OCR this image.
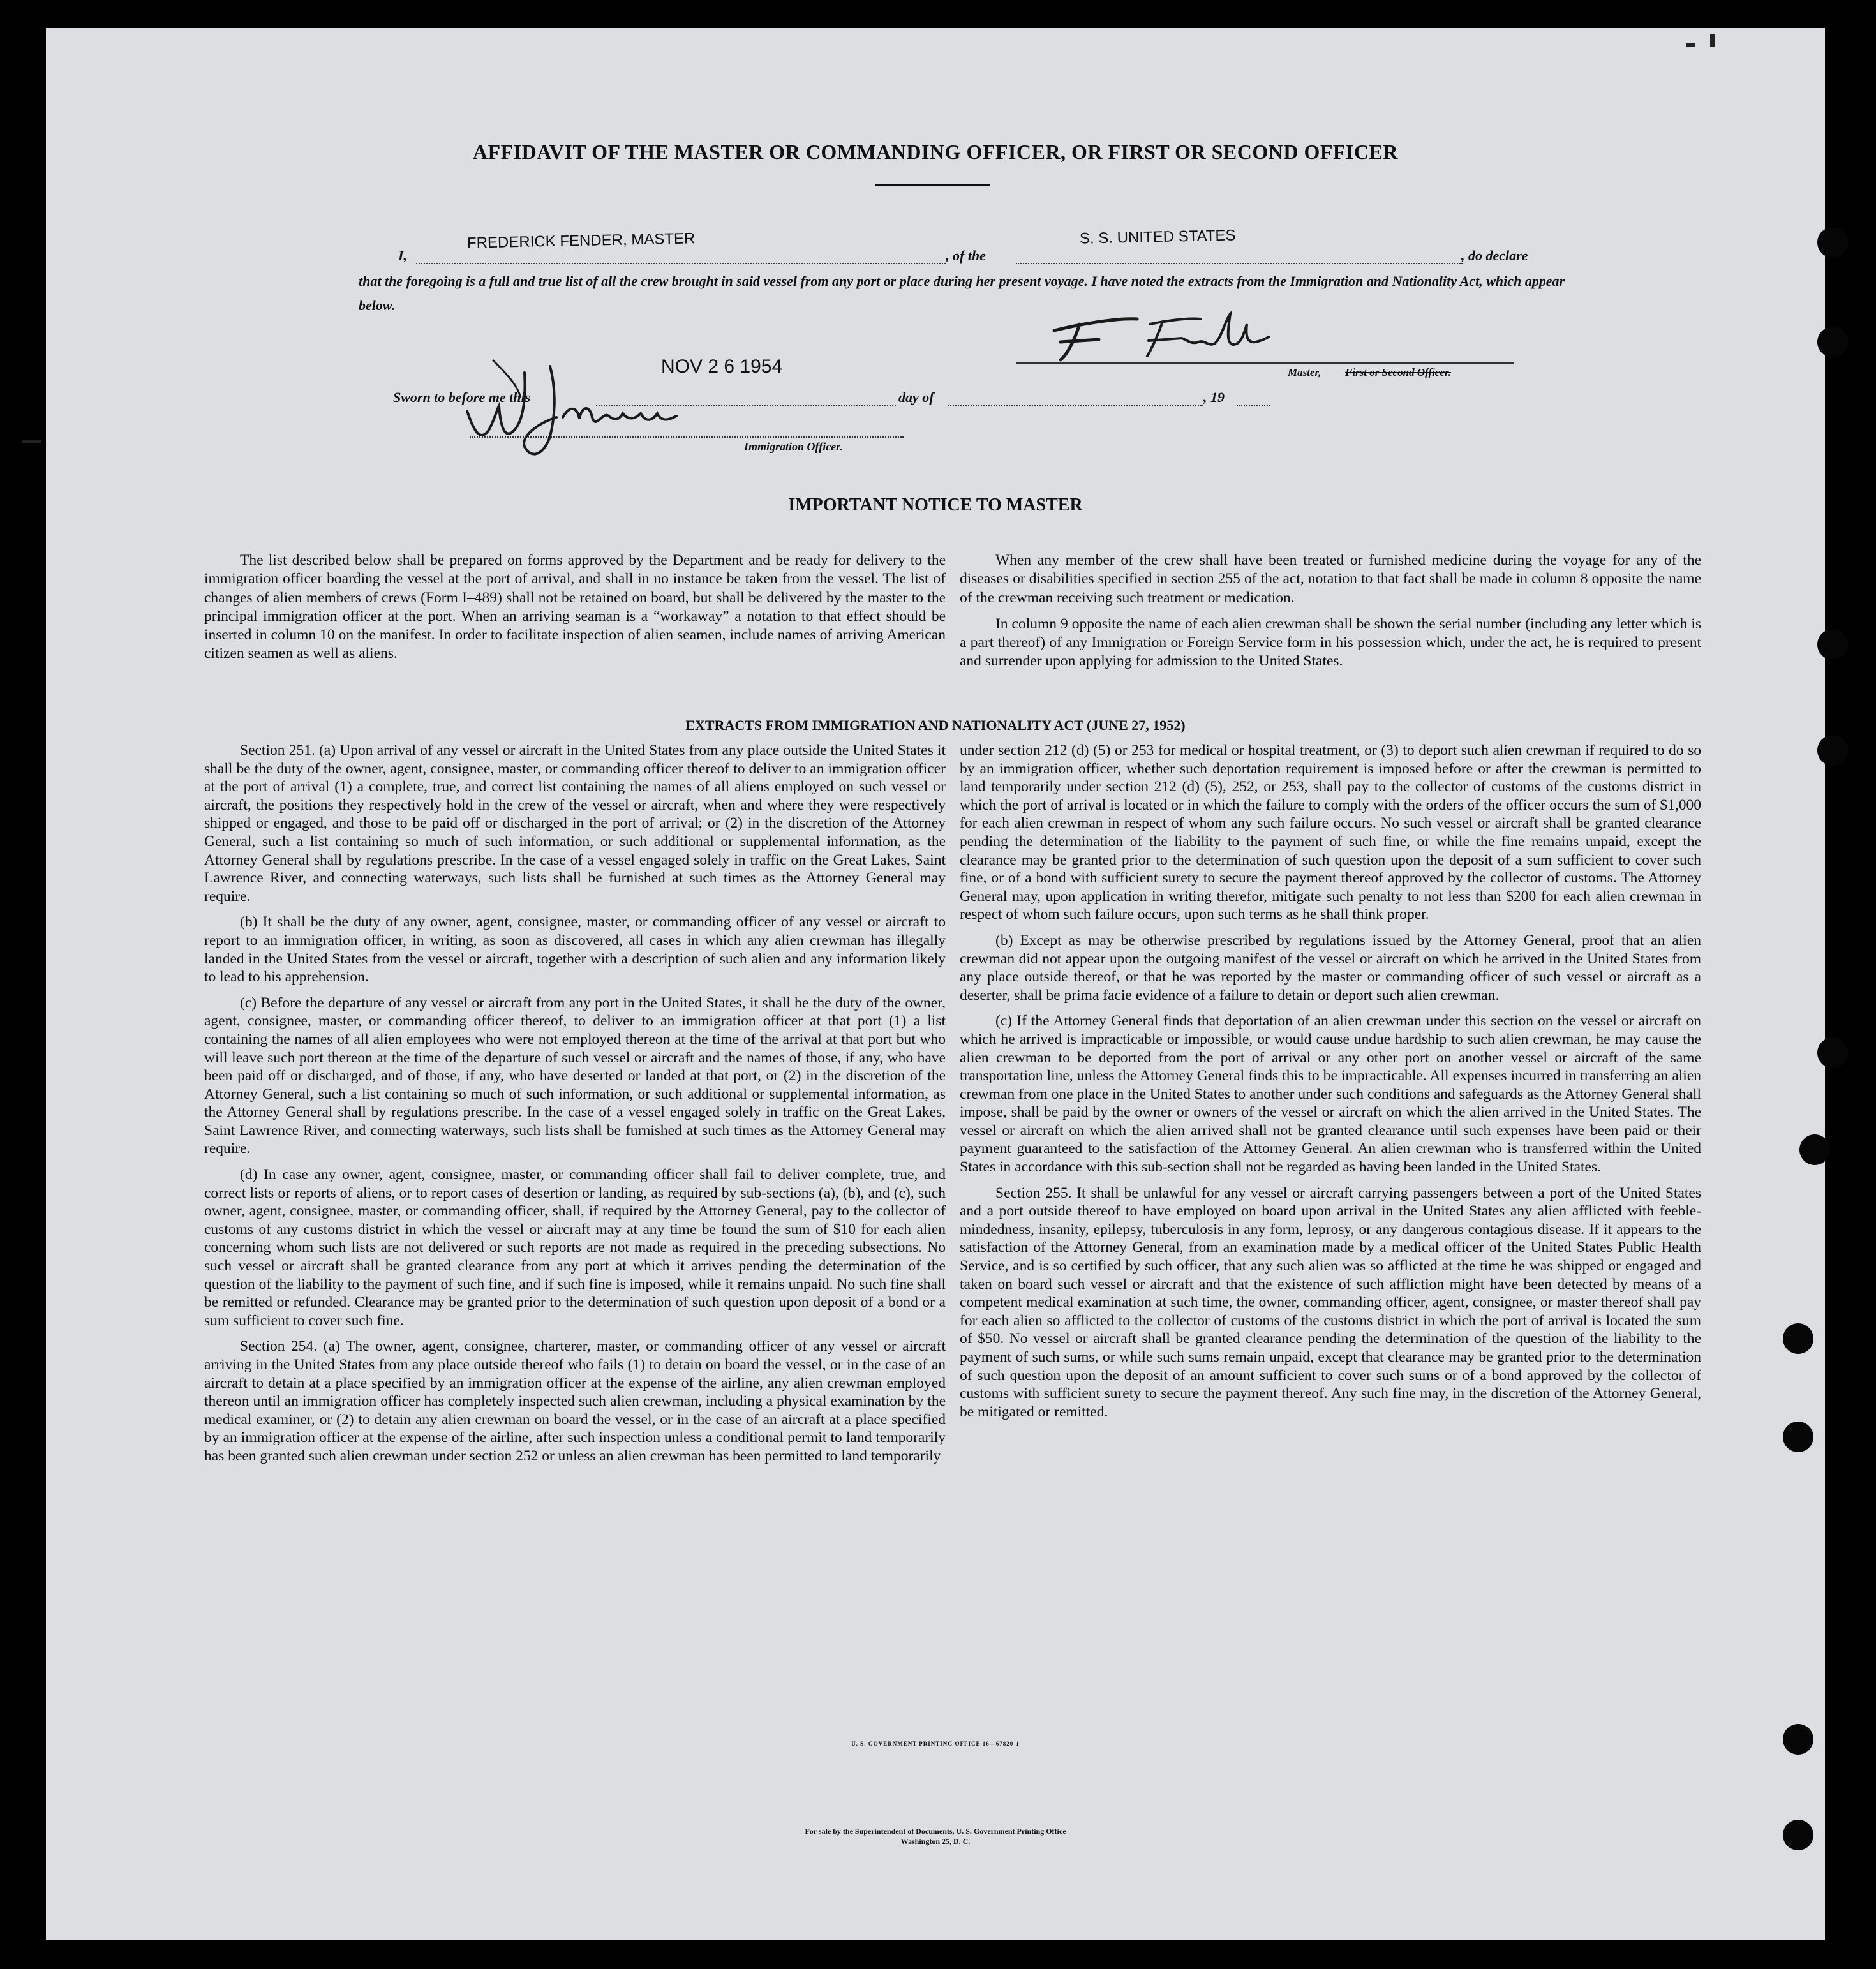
AFFIDAVIT OF THE MASTER OR COMMANDING OFFICER, OR FIRST OR SECOND OFFICER
I,
FREDERICK FENDER, MASTER
, of the
S. S. UNITED STATES
, do declare
that the foregoing is a full and true list of all the crew brought in said vessel from any port or place during her present voyage. I have noted the extracts from the Immigration and Nationality Act, which appear below.
Master, First or Second Officer.
Sworn to before me this
NOV 2 6 1954
day of	, 19
Immigration Officer.
IMPORTANT NOTICE TO MASTER

The list described below shall be prepared on forms approved by the Department and be ready for delivery to the immigration officer boarding the vessel at the port of arrival, and shall in no instance be taken from the vessel. The list of changes of alien members of crews (Form I–489) shall not be retained on board, but shall be delivered by the master to the principal immigration officer at the port. When an arriving seaman is a “workaway” a notation to that effect should be inserted in column 10 on the manifest. In order to facilitate inspection of alien seamen, include names of arriving American citizen seamen as well as aliens.

When any member of the crew shall have been treated or furnished medicine during the voyage for any of the diseases or disabilities specified in section 255 of the act, notation to that fact shall be made in column 8 opposite the name of the crewman receiving such treatment or medication.

In column 9 opposite the name of each alien crewman shall be shown the serial number (including any letter which is a part thereof) of any Immigration or Foreign Service form in his possession which, under the act, he is required to present and surrender upon applying for admission to the United States.

EXTRACTS FROM IMMIGRATION AND NATIONALITY ACT (JUNE 27, 1952)

Section 251. (a) Upon arrival of any vessel or aircraft in the United States from any place outside the United States it shall be the duty of the owner, agent, consignee, master, or commanding officer thereof to deliver to an immigration officer at the port of arrival (1) a complete, true, and correct list containing the names of all aliens employed on such vessel or aircraft, the positions they respectively hold in the crew of the vessel or aircraft, when and where they were respectively shipped or engaged, and those to be paid off or discharged in the port of arrival; or (2) in the discretion of the Attorney General, such a list containing so much of such information, or such additional or supplemental information, as the Attorney General shall by regulations prescribe. In the case of a vessel engaged solely in traffic on the Great Lakes, Saint Lawrence River, and connecting waterways, such lists shall be furnished at such times as the Attorney General may require.

(b) It shall be the duty of any owner, agent, consignee, master, or commanding officer of any vessel or aircraft to report to an immigration officer, in writing, as soon as discovered, all cases in which any alien crewman has illegally landed in the United States from the vessel or aircraft, together with a description of such alien and any information likely to lead to his apprehension.

(c) Before the departure of any vessel or aircraft from any port in the United States, it shall be the duty of the owner, agent, consignee, master, or commanding officer thereof, to deliver to an immigration officer at that port (1) a list containing the names of all alien employees who were not employed thereon at the time of the arrival at that port but who will leave such port thereon at the time of the departure of such vessel or aircraft and the names of those, if any, who have been paid off or discharged, and of those, if any, who have deserted or landed at that port, or (2) in the discretion of the Attorney General, such a list containing so much of such information, or such additional or supplemental information, as the Attorney General shall by regulations prescribe. In the case of a vessel engaged solely in traffic on the Great Lakes, Saint Lawrence River, and connecting waterways, such lists shall be furnished at such times as the Attorney General may require.

(d) In case any owner, agent, consignee, master, or commanding officer shall fail to deliver complete, true, and correct lists or reports of aliens, or to report cases of desertion or landing, as required by sub-sections (a), (b), and (c), such owner, agent, consignee, master, or commanding officer, shall, if required by the Attorney General, pay to the collector of customs of any customs district in which the vessel or aircraft may at any time be found the sum of $10 for each alien concerning whom such lists are not delivered or such reports are not made as required in the preceding subsections. No such vessel or aircraft shall be granted clearance from any port at which it arrives pending the determination of the question of the liability to the payment of such fine, and if such fine is imposed, while it remains unpaid. No such fine shall be remitted or refunded. Clearance may be granted prior to the determination of such question upon deposit of a bond or a sum sufficient to cover such fine.

Section 254. (a) The owner, agent, consignee, charterer, master, or commanding officer of any vessel or aircraft arriving in the United States from any place outside thereof who fails (1) to detain on board the vessel, or in the case of an aircraft to detain at a place specified by an immigration officer at the expense of the airline, any alien crewman employed thereon until an immigration officer has completely inspected such alien crewman, including a physical examination by the medical examiner, or (2) to detain any alien crewman on board the vessel, or in the case of an aircraft at a place specified by an immigration officer at the expense of the airline, after such inspection unless a conditional permit to land temporarily has been granted such alien crewman under section 252 or unless an alien crewman has been permitted to land temporarily

under section 212 (d) (5) or 253 for medical or hospital treatment, or (3) to deport such alien crewman if required to do so by an immigration officer, whether such deportation requirement is imposed before or after the crewman is permitted to land temporarily under section 212 (d) (5), 252, or 253, shall pay to the collector of customs of the customs district in which the port of arrival is located or in which the failure to comply with the orders of the officer occurs the sum of $1,000 for each alien crewman in respect of whom any such failure occurs. No such vessel or aircraft shall be granted clearance pending the determination of the liability to the payment of such fine, or while the fine remains unpaid, except the clearance may be granted prior to the determination of such question upon the deposit of a sum sufficient to cover such fine, or of a bond with sufficient surety to secure the payment thereof approved by the collector of customs. The Attorney General may, upon application in writing therefor, mitigate such penalty to not less than $200 for each alien crewman in respect of whom such failure occurs, upon such terms as he shall think proper.

(b) Except as may be otherwise prescribed by regulations issued by the Attorney General, proof that an alien crewman did not appear upon the outgoing manifest of the vessel or aircraft on which he arrived in the United States from any place outside thereof, or that he was reported by the master or commanding officer of such vessel or aircraft as a deserter, shall be prima facie evidence of a failure to detain or deport such alien crewman.

(c) If the Attorney General finds that deportation of an alien crewman under this section on the vessel or aircraft on which he arrived is impracticable or impossible, or would cause undue hardship to such alien crewman, he may cause the alien crewman to be deported from the port of arrival or any other port on another vessel or aircraft of the same transportation line, unless the Attorney General finds this to be impracticable. All expenses incurred in transferring an alien crewman from one place in the United States to another under such conditions and safeguards as the Attorney General shall impose, shall be paid by the owner or owners of the vessel or aircraft on which the alien arrived in the United States. The vessel or aircraft on which the alien arrived shall not be granted clearance until such expenses have been paid or their payment guaranteed to the satisfaction of the Attorney General. An alien crewman who is transferred within the United States in accordance with this sub-section shall not be regarded as having been landed in the United States.

Section 255. It shall be unlawful for any vessel or aircraft carrying passengers between a port of the United States and a port outside thereof to have employed on board upon arrival in the United States any alien afflicted with feeble-mindedness, insanity, epilepsy, tuberculosis in any form, leprosy, or any dangerous contagious disease. If it appears to the satisfaction of the Attorney General, from an examination made by a medical officer of the United States Public Health Service, and is so certified by such officer, that any such alien was so afflicted at the time he was shipped or engaged and taken on board such vessel or aircraft and that the existence of such affliction might have been detected by means of a competent medical examination at such time, the owner, commanding officer, agent, consignee, or master thereof shall pay for each alien so afflicted to the collector of customs of the customs district in which the port of arrival is located the sum of $50. No vessel or aircraft shall be granted clearance pending the determination of the question of the liability to the payment of such sums, or while such sums remain unpaid, except that clearance may be granted prior to the determination of such question upon the deposit of an amount sufficient to cover such sums or of a bond approved by the collector of customs with sufficient surety to secure the payment thereof. Any such fine may, in the discretion of the Attorney General, be mitigated or remitted.

U. S. GOVERNMENT PRINTING OFFICE 16—67820-1
For sale by the Superintendent of Documents, U. S. Government Printing Office
Washington 25, D. C.
